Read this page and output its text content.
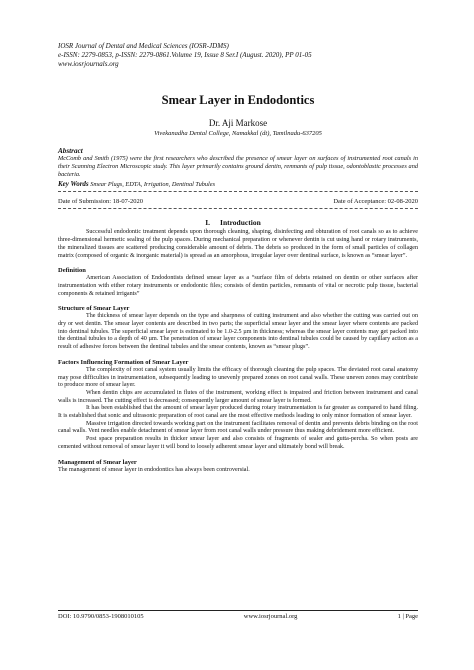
IOSR Journal of Dental and Medical Sciences (IOSR-JDMS)
e-ISSN: 2279-0853, p-ISSN: 2279-0861.Volume 19, Issue 8 Ser.I (August. 2020), PP 01-05
www.iosrjournals.org
Smear Layer in Endodontics
Dr. Aji Markose
Vivekanadha Dental College, Namakkal (dt), Tamilnadu-637205
Abstract
McComb and Smith (1975) were the first researchers who described the presence of smear layer on surfaces of instrumented root canals in their Scanning Electron Microscopic study. This layer primarily contains ground dentin, remnants of pulp tissue, odontoblastic processes and bacteria.
Key Words Smear Plugs, EDTA, Irrigation, Dentinal Tubules
Date of Submission: 18-07-2020	Date of Acceptance: 02-08-2020
I. Introduction

Successful endodontic treatment depends upon thorough cleaning, shaping, disinfecting and obturation of root canals so as to achieve three-dimensional hermetic sealing of the pulp spaces. During mechanical preparation or whenever dentin is cut using hand or rotary instruments, the mineralized tissues are scattered producing considerable amount of debris. The debris so produced in the form of small particles of collagen matrix (composed of organic & inorganic material) is spread as an amorphous, irregular layer over dentinal surface, is known as “smear layer”.

Definition

American Association of Endodontists defined smear layer as a “surface film of debris retained on dentin or other surfaces after instrumentation with either rotary instruments or endodontic files; consists of dentin particles, remnants of vital or necrotic pulp tissue, bacterial components & retained irrigants”

Structure of Smear Layer

The thickness of smear layer depends on the type and sharpness of cutting instrument and also whether the cutting was carried out on dry or wet dentin. The smear layer contents are described in two parts; the superficial smear layer and the smear layer where contents are packed into dentinal tubules. The superficial smear layer is estimated to be 1.0-2.5 µm in thickness; whereas the smear layer contents may get packed into the dentinal tubules to a depth of 40 µm. The penetration of smear layer components into dentinal tubules could be caused by capillary action as a result of adhesive forces between the dentinal tubules and the smear contents, known as “smear plugs”.

Factors Influencing Formation of Smear Layer

The complexity of root canal system usually limits the efficacy of thorough cleaning the pulp spaces. The deviated root canal anatomy may pose difficulties in instrumentation, subsequently leading to unevenly prepared zones on root canal walls. These uneven zones may contribute to produce more of smear layer.

When dentin chips are accumulated in flutes of the instrument, working effect is impaired and friction between instrument and canal walls is increased. The cutting effect is decreased; consequently larger amount of smear layer is formed.

It has been established that the amount of smear layer produced during rotary instrumentation is far greater as compared to hand filing. It is established that sonic and ultrasonic preparation of root canal are the most effective methods leading to only minor formation of smear layer.

Massive irrigation directed towards working part on the instrument facilitates removal of dentin and prevents debris binding on the root canal walls. Vent needles enable detachment of smear layer from root canal walls under pressure thus making debridement more efficient.

Post space preparation results in thicker smear layer and also consists of fragments of sealer and gutta-percha. So when posts are cemented without removal of smear layer it will bond to loosely adherent smear layer and ultimately bond will break.

Management of Smear layer

The management of smear layer in endodontics has always been controversial.

DOI: 10.9790/0853-1908010105	www.iosrjournal.org	1 | Page
